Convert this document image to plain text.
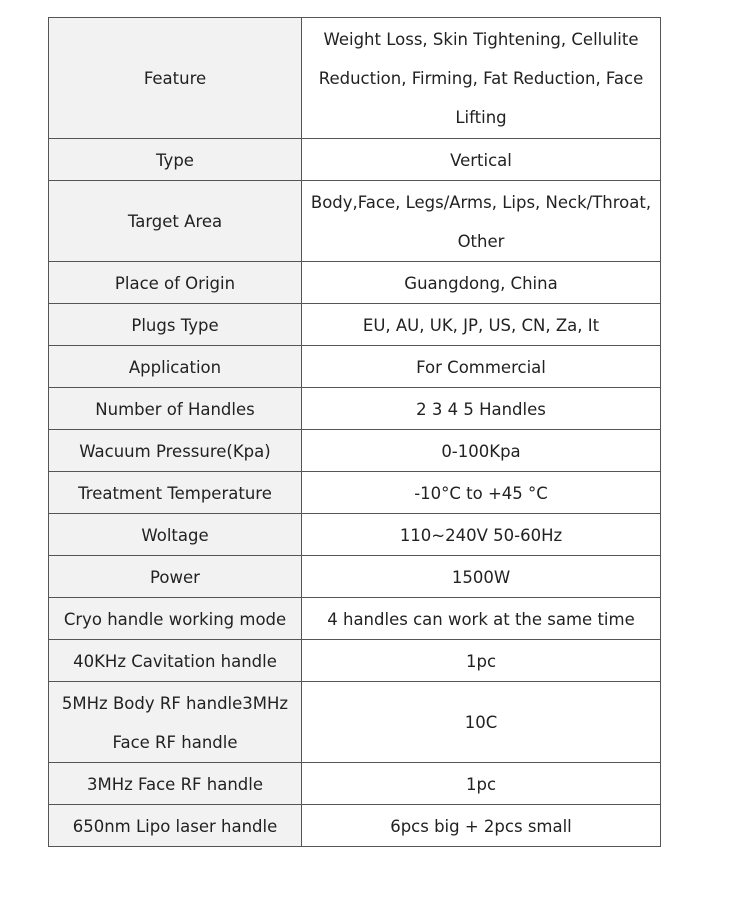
Feature	Weight Loss, Skin Tightening, Cellulite Reduction, Firming, Fat Reduction, Face Lifting
Type	Vertical
Target Area	Body,Face, Legs/Arms, Lips, Neck/Throat, Other
Place of Origin	Guangdong, China
Plugs Type	EU, AU, UK, JP, US, CN, Za, It
Application	For Commercial
Number of Handles	2 3 4 5 Handles
Wacuum Pressure(Kpa)	0-100Kpa
Treatment Temperature	-10°C to +45 °C
Woltage	110~240V 50-60Hz
Power	1500W
Cryo handle working mode	4 handles can work at the same time
40KHz Cavitation handle	1pc
5MHz Body RF handle3MHz Face RF handle	10C
3MHz Face RF handle	1pc
650nm Lipo laser handle	6pcs big + 2pcs small
